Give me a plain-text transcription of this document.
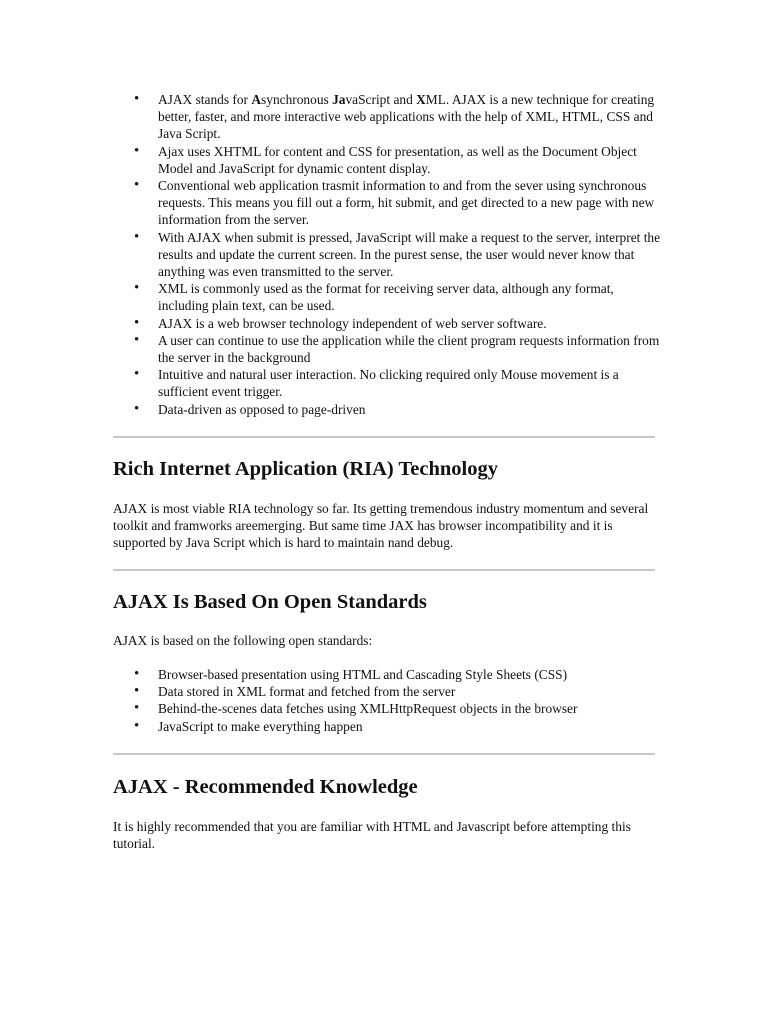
• AJAX stands for Asynchronous JavaScript and XML. AJAX is a new technique for creating better, faster, and more interactive web applications with the help of XML, HTML, CSS and Java Script.
• Ajax uses XHTML for content and CSS for presentation, as well as the Document Object Model and JavaScript for dynamic content display.
• Conventional web application trasmit information to and from the sever using synchronous requests. This means you fill out a form, hit submit, and get directed to a new page with new information from the server.
• With AJAX when submit is pressed, JavaScript will make a request to the server, interpret the results and update the current screen. In the purest sense, the user would never know that anything was even transmitted to the server.
• XML is commonly used as the format for receiving server data, although any format, including plain text, can be used.
• AJAX is a web browser technology independent of web server software.
• A user can continue to use the application while the client program requests information from the server in the background
• Intuitive and natural user interaction. No clicking required only Mouse movement is a sufficient event trigger.
• Data-driven as opposed to page-driven
Rich Internet Application (RIA) Technology

AJAX is most viable RIA technology so far. Its getting tremendous industry momentum and several toolkit and framworks areemerging. But same time JAX has browser incompatibility and it is supported by Java Script which is hard to maintain nand debug.

AJAX Is Based On Open Standards

AJAX is based on the following open standards:

• Browser-based presentation using HTML and Cascading Style Sheets (CSS)
• Data stored in XML format and fetched from the server
• Behind-the-scenes data fetches using XMLHttpRequest objects in the browser
• JavaScript to make everything happen
AJAX - Recommended Knowledge

It is highly recommended that you are familiar with HTML and Javascript before attempting this tutorial.
